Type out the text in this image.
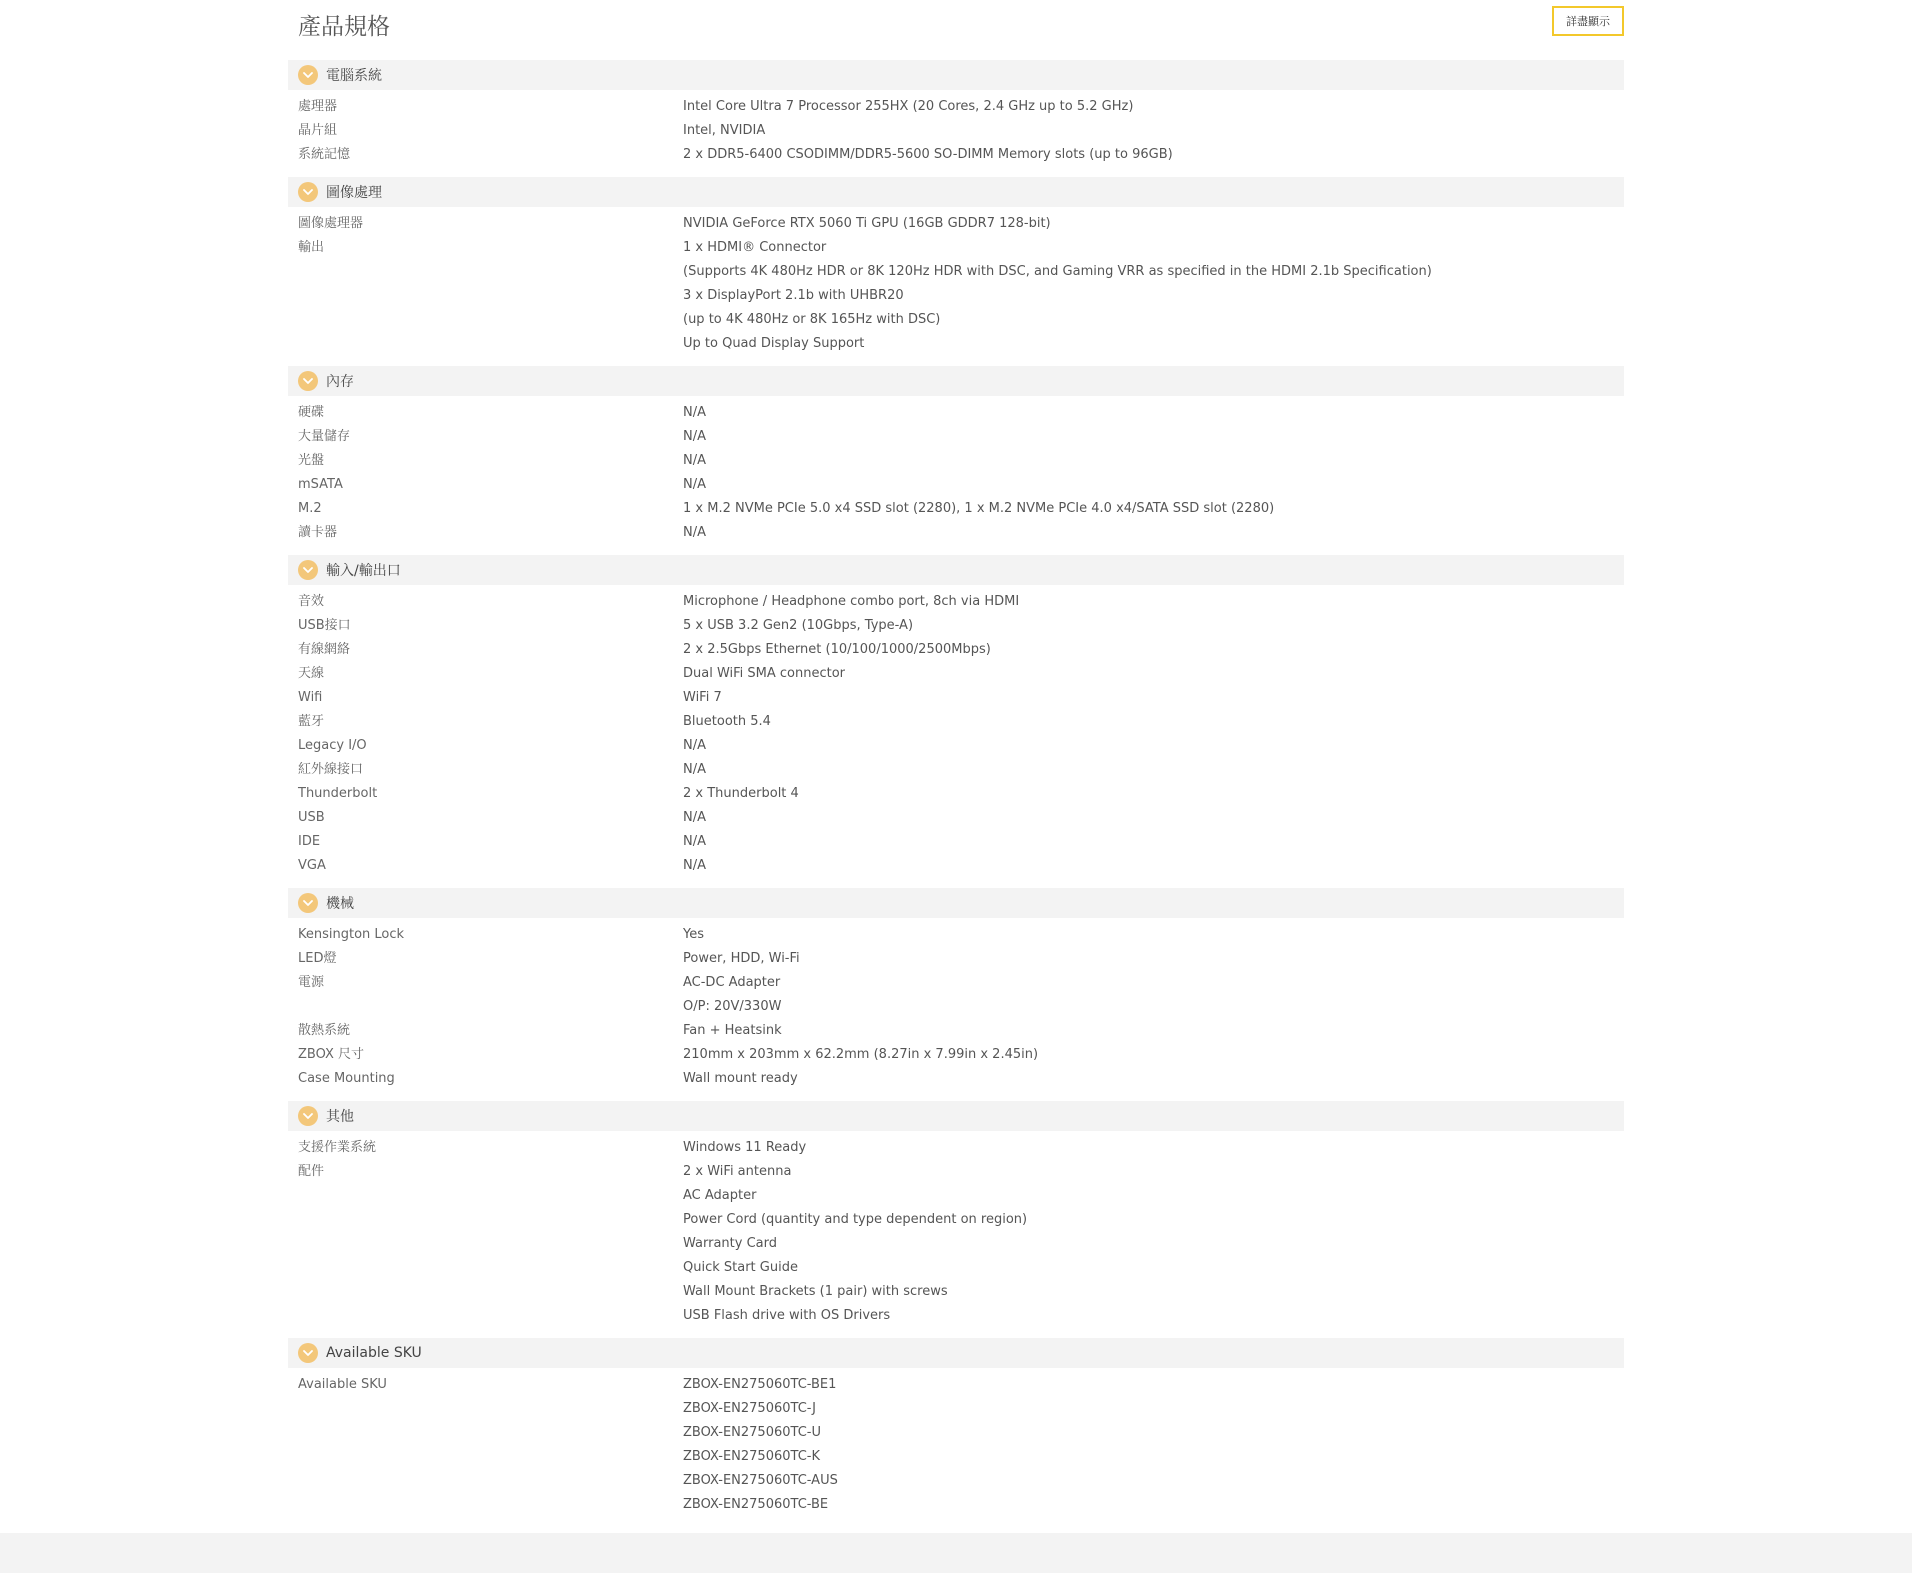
產品規格	詳盡顯示
電腦系統
處理器	Intel Core Ultra 7 Processor 255HX (20 Cores, 2.4 GHz up to 5.2 GHz)
晶片組	Intel, NVIDIA
系統記憶	2 x DDR5-6400 CSODIMM/DDR5-5600 SO-DIMM Memory slots (up to 96GB)
圖像處理
圖像處理器	NVIDIA GeForce RTX 5060 Ti GPU (16GB GDDR7 128-bit)
輸出	1 x HDMI® Connector
(Supports 4K 480Hz HDR or 8K 120Hz HDR with DSC, and Gaming VRR as specified in the HDMI 2.1b Specification)
3 x DisplayPort 2.1b with UHBR20
(up to 4K 480Hz or 8K 165Hz with DSC)
Up to Quad Display Support
內存
硬碟	N/A
大量儲存	N/A
光盤	N/A
mSATA	N/A
M.2	1 x M.2 NVMe PCIe 5.0 x4 SSD slot (2280), 1 x M.2 NVMe PCIe 4.0 x4/SATA SSD slot (2280)
讀卡器	N/A
輸入/輸出口
音效	Microphone / Headphone combo port, 8ch via HDMI
USB接口	5 x USB 3.2 Gen2 (10Gbps, Type-A)
有線網絡	2 x 2.5Gbps Ethernet (10/100/1000/2500Mbps)
天線	Dual WiFi SMA connector
Wifi	WiFi 7
藍牙	Bluetooth 5.4
Legacy I/O	N/A
紅外線接口	N/A
Thunderbolt	2 x Thunderbolt 4
USB	N/A
IDE	N/A
VGA	N/A
機械
Kensington Lock	Yes
LED燈	Power, HDD, Wi-Fi
電源	AC-DC Adapter
O/P: 20V/330W
散熱系統	Fan + Heatsink
ZBOX 尺寸	210mm x 203mm x 62.2mm (8.27in x 7.99in x 2.45in)
Case Mounting	Wall mount ready
其他
支援作業系統	Windows 11 Ready
配件	2 x WiFi antenna
AC Adapter
Power Cord (quantity and type dependent on region)
Warranty Card
Quick Start Guide
Wall Mount Brackets (1 pair) with screws
USB Flash drive with OS Drivers
Available SKU
Available SKU	ZBOX-EN275060TC-BE1
ZBOX-EN275060TC-J
ZBOX-EN275060TC-U
ZBOX-EN275060TC-K
ZBOX-EN275060TC-AUS
ZBOX-EN275060TC-BE
